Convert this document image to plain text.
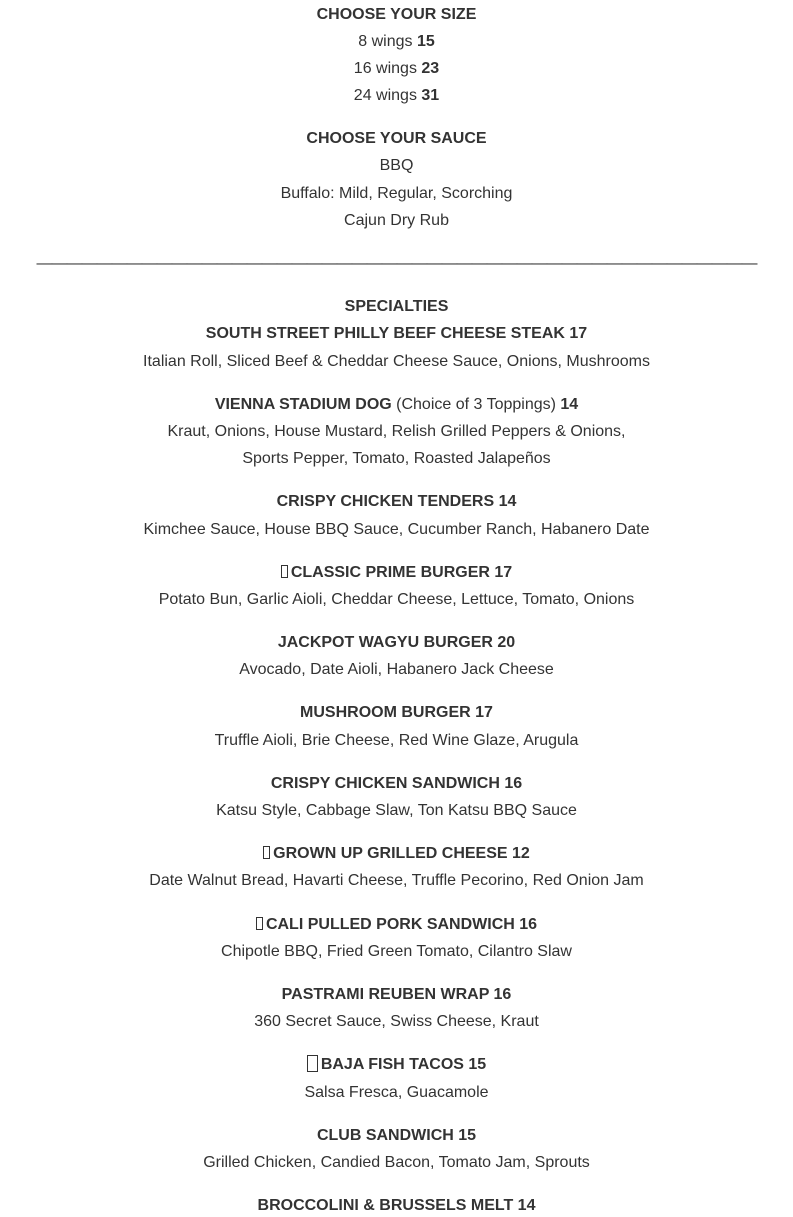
CHOOSE YOUR SIZE
8 wings 15
16 wings 23
24 wings 31
CHOOSE YOUR SAUCE
BBQ
Buffalo: Mild, Regular, Scorching
Cajun Dry Rub
————————————————————————————————————————————————
SPECIALTIES
SOUTH STREET PHILLY BEEF CHEESE STEAK 17
Italian Roll, Sliced Beef & Cheddar Cheese Sauce, Onions, Mushrooms
VIENNA STADIUM DOG (Choice of 3 Toppings) 14
Kraut, Onions, House Mustard, Relish Grilled Peppers & Onions,
Sports Pepper, Tomato, Roasted Jalapeños
CRISPY CHICKEN TENDERS 14
Kimchee Sauce, House BBQ Sauce, Cucumber Ranch, Habanero Date
CLASSIC PRIME BURGER 17
Potato Bun, Garlic Aioli, Cheddar Cheese, Lettuce, Tomato, Onions
JACKPOT WAGYU BURGER 20
Avocado, Date Aioli, Habanero Jack Cheese
MUSHROOM BURGER 17
Truffle Aioli, Brie Cheese, Red Wine Glaze, Arugula
CRISPY CHICKEN SANDWICH 16
Katsu Style, Cabbage Slaw, Ton Katsu BBQ Sauce
GROWN UP GRILLED CHEESE 12
Date Walnut Bread, Havarti Cheese, Truffle Pecorino, Red Onion Jam
CALI PULLED PORK SANDWICH 16
Chipotle BBQ, Fried Green Tomato, Cilantro Slaw
PASTRAMI REUBEN WRAP 16
360 Secret Sauce, Swiss Cheese, Kraut
BAJA FISH TACOS 15
Salsa Fresca, Guacamole
CLUB SANDWICH 15
Grilled Chicken, Candied Bacon, Tomato Jam, Sprouts
BROCCOLINI & BRUSSELS MELT 14
